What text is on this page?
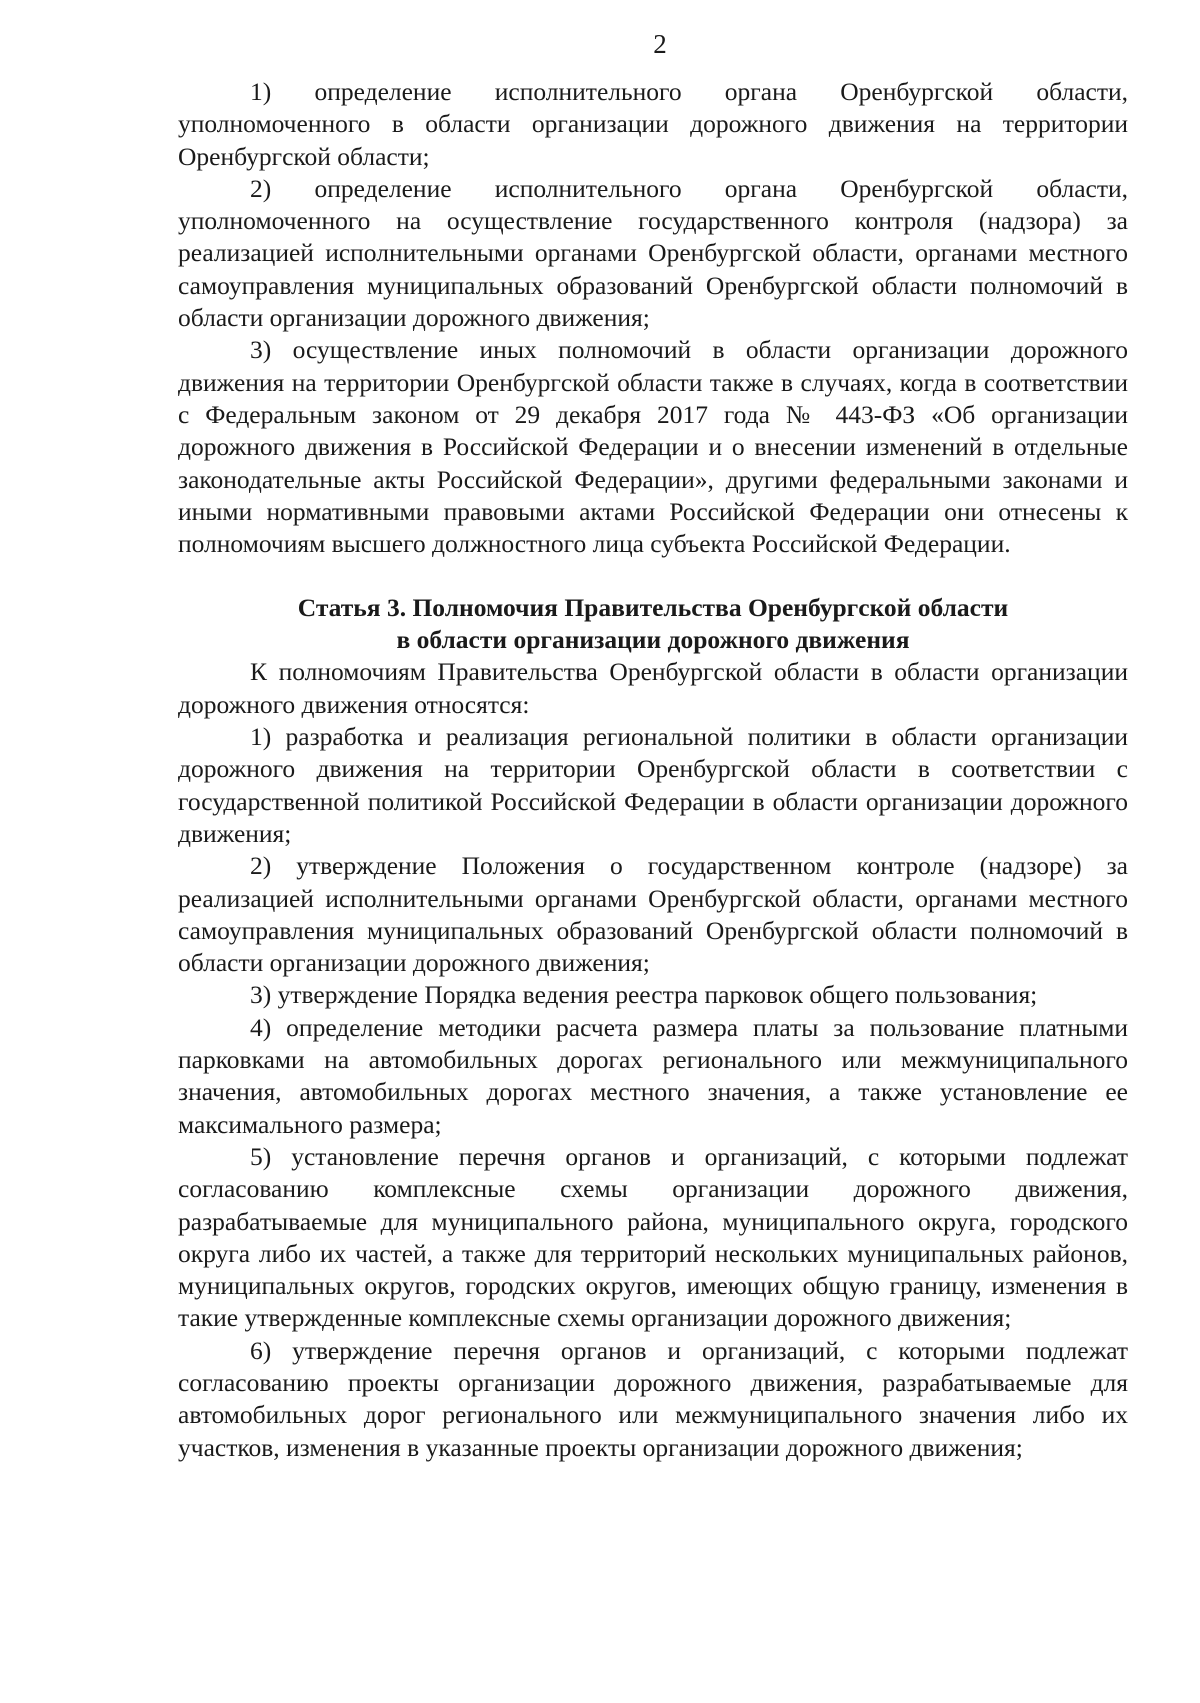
2

1) определение исполнительного органа Оренбургской области, уполномоченного в области организации дорожного движения на территории Оренбургской области;

2) определение исполнительного органа Оренбургской области, уполномоченного на осуществление государственного контроля (надзора) за реализацией исполнительными органами Оренбургской области, органами местного самоуправления муниципальных образований Оренбургской области полномочий в области организации дорожного движения;

3) осуществление иных полномочий в области организации дорожного движения на территории Оренбургской области также в случаях, когда в соответствии с Федеральным законом от 29 декабря 2017 года № 443-ФЗ «Об организации дорожного движения в Российской Федерации и о внесении изменений в отдельные законодательные акты Российской Федерации», другими федеральными законами и иными нормативными правовыми актами Российской Федерации они отнесены к полномочиям высшего должностного лица субъекта Российской Федерации.

Статья 3. Полномочия Правительства Оренбургской области
в области организации дорожного движения

К полномочиям Правительства Оренбургской области в области организации дорожного движения относятся:

1) разработка и реализация региональной политики в области организации дорожного движения на территории Оренбургской области в соответствии с государственной политикой Российской Федерации в области организации дорожного движения;

2) утверждение Положения о государственном контроле (надзоре) за реализацией исполнительными органами Оренбургской области, органами местного самоуправления муниципальных образований Оренбургской области полномочий в области организации дорожного движения;

3) утверждение Порядка ведения реестра парковок общего пользования;

4) определение методики расчета размера платы за пользование платными парковками на автомобильных дорогах регионального или межмуниципального значения, автомобильных дорогах местного значения, а также установление ее максимального размера;

5) установление перечня органов и организаций, с которыми подлежат согласованию комплексные схемы организации дорожного движения, разрабатываемые для муниципального района, муниципального округа, городского округа либо их частей, а также для территорий нескольких муниципальных районов, муниципальных округов, городских округов, имеющих общую границу, изменения в такие утвержденные комплексные схемы организации дорожного движения;

6) утверждение перечня органов и организаций, с которыми подлежат согласованию проекты организации дорожного движения, разрабатываемые для автомобильных дорог регионального или межмуниципального значения либо их участков, изменения в указанные проекты организации дорожного движения;
